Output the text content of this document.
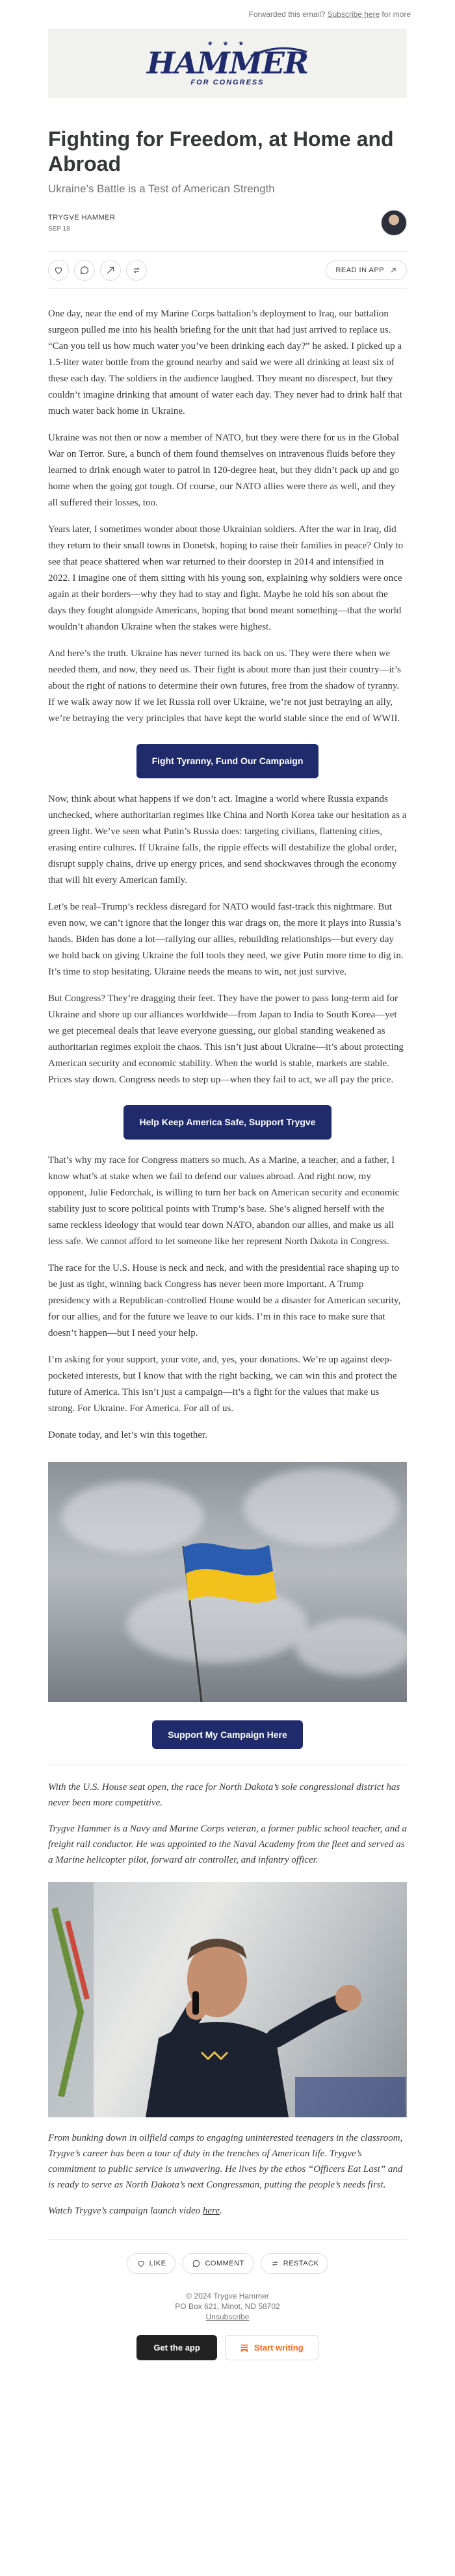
Forwarded this email? Subscribe here for more
★ ★ ★
HAMMER
FOR CONGRESS
Fighting for Freedom, at Home and Abroad
Ukraine's Battle is a Test of American Strength
TRYGVE HAMMER
SEP 18
READ IN APP

One day, near the end of my Marine Corps battalion’s deployment to Iraq, our battalion surgeon pulled me into his health briefing for the unit that had just arrived to replace us. “Can you tell us how much water you’ve been drinking each day?” he asked. I picked up a 1.5-liter water bottle from the ground nearby and said we were all drinking at least six of these each day. The soldiers in the audience laughed. They meant no disrespect, but they couldn’t imagine drinking that amount of water each day. They never had to drink half that much water back home in Ukraine.

Ukraine was not then or now a member of NATO, but they were there for us in the Global War on Terror. Sure, a bunch of them found themselves on intravenous fluids before they learned to drink enough water to patrol in 120-degree heat, but they didn’t pack up and go home when the going got tough. Of course, our NATO allies were there as well, and they all suffered their losses, too.

Years later, I sometimes wonder about those Ukrainian soldiers. After the war in Iraq, did they return to their small towns in Donetsk, hoping to raise their families in peace? Only to see that peace shattered when war returned to their doorstep in 2014 and intensified in 2022. I imagine one of them sitting with his young son, explaining why soldiers were once again at their borders—why they had to stay and fight. Maybe he told his son about the days they fought alongside Americans, hoping that bond meant something—that the world wouldn’t abandon Ukraine when the stakes were highest.

And here’s the truth. Ukraine has never turned its back on us. They were there when we needed them, and now, they need us. Their fight is about more than just their country—it’s about the right of nations to determine their own futures, free from the shadow of tyranny. If we walk away now if we let Russia roll over Ukraine, we’re not just betraying an ally, we’re betraying the very principles that have kept the world stable since the end of WWII.

Fight Tyranny, Fund Our Campaign

Now, think about what happens if we don’t act. Imagine a world where Russia expands unchecked, where authoritarian regimes like China and North Korea take our hesitation as a green light. We’ve seen what Putin’s Russia does: targeting civilians, flattening cities, erasing entire cultures. If Ukraine falls, the ripple effects will destabilize the global order, disrupt supply chains, drive up energy prices, and send shockwaves through the economy that will hit every American family.

Let’s be real–Trump’s reckless disregard for NATO would fast-track this nightmare. But even now, we can’t ignore that the longer this war drags on, the more it plays into Russia’s hands. Biden has done a lot—rallying our allies, rebuilding relationships—but every day we hold back on giving Ukraine the full tools they need, we give Putin more time to dig in. It’s time to stop hesitating. Ukraine needs the means to win, not just survive.

But Congress? They’re dragging their feet. They have the power to pass long-term aid for Ukraine and shore up our alliances worldwide—from Japan to India to South Korea—yet we get piecemeal deals that leave everyone guessing, our global standing weakened as authoritarian regimes exploit the chaos. This isn’t just about Ukraine—it’s about protecting American security and economic stability. When the world is stable, markets are stable. Prices stay down. Congress needs to step up—when they fail to act, we all pay the price.

Help Keep America Safe, Support Trygve

That’s why my race for Congress matters so much. As a Marine, a teacher, and a father, I know what’s at stake when we fail to defend our values abroad. And right now, my opponent, Julie Fedorchak, is willing to turn her back on American security and economic stability just to score political points with Trump’s base. She’s aligned herself with the same reckless ideology that would tear down NATO, abandon our allies, and make us all less safe. We cannot afford to let someone like her represent North Dakota in Congress.

The race for the U.S. House is neck and neck, and with the presidential race shaping up to be just as tight, winning back Congress has never been more important. A Trump presidency with a Republican-controlled House would be a disaster for American security, for our allies, and for the future we leave to our kids. I’m in this race to make sure that doesn’t happen—but I need your help.

I’m asking for your support, your vote, and, yes, your donations. We’re up against deep-pocketed interests, but I know that with the right backing, we can win this and protect the future of America. This isn’t just a campaign—it’s a fight for the values that make us strong. For Ukraine. For America. For all of us.

Donate today, and let’s win this together.

Support My Campaign Here

With the U.S. House seat open, the race for North Dakota’s sole congressional district has never been more competitive.

Trygve Hammer is a Navy and Marine Corps veteran, a former public school teacher, and a freight rail conductor. He was appointed to the Naval Academy from the fleet and served as a Marine helicopter pilot, forward air controller, and infantry officer.

From bunking down in oilfield camps to engaging uninterested teenagers in the classroom, Trygve’s career has been a tour of duty in the trenches of American life. Trygve’s commitment to public service is unwavering. He lives by the ethos “Officers Eat Last” and is ready to serve as North Dakota’s next Congressman, putting the people’s needs first.

Watch Trygve’s campaign launch video here.

LIKE	COMMENT	RESTACK
© 2024 Trygve Hammer
PO Box 621, Minot, ND 58702
Unsubscribe
Get the app	Start writing
